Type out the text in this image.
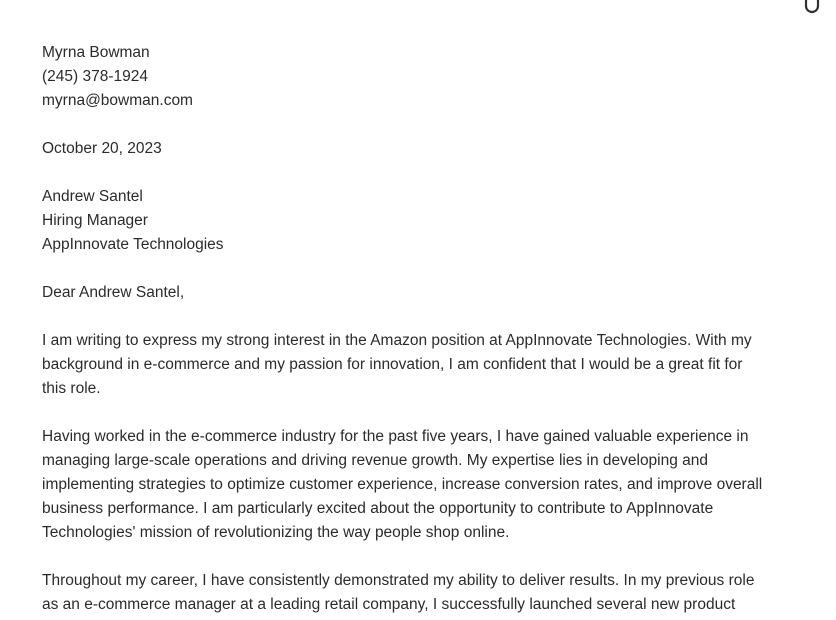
Myrna Bowman
(245) 378-1924
myrna@bowman.com
October 20, 2023
Andrew Santel
Hiring Manager
AppInnovate Technologies
Dear Andrew Santel,

I am writing to express my strong interest in the Amazon position at AppInnovate Technologies. With my
background in e-commerce and my passion for innovation, I am confident that I would be a great fit for
this role.

Having worked in the e-commerce industry for the past five years, I have gained valuable experience in
managing large-scale operations and driving revenue growth. My expertise lies in developing and
implementing strategies to optimize customer experience, increase conversion rates, and improve overall
business performance. I am particularly excited about the opportunity to contribute to AppInnovate
Technologies' mission of revolutionizing the way people shop online.

Throughout my career, I have consistently demonstrated my ability to deliver results. In my previous role
as an e-commerce manager at a leading retail company, I successfully launched several new product
